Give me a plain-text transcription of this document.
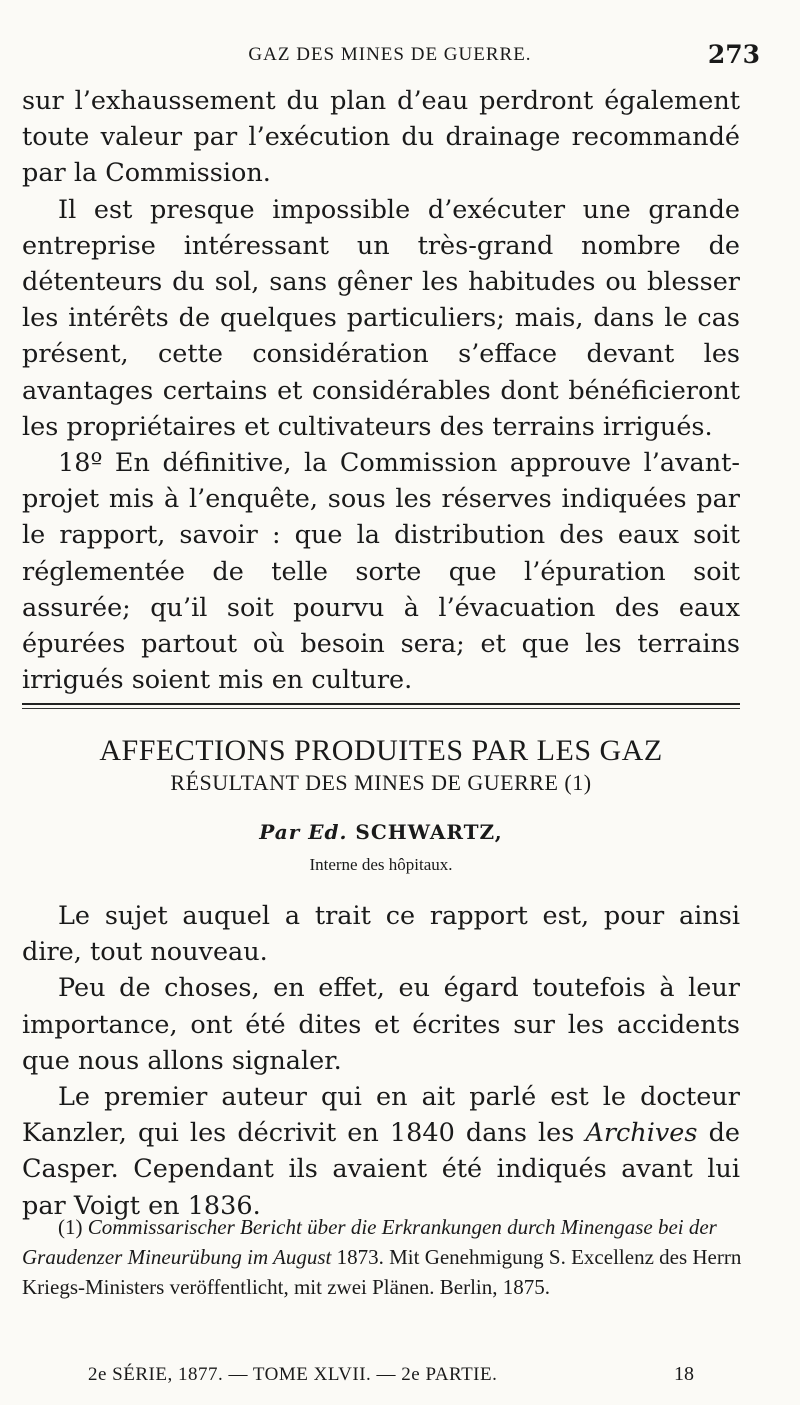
GAZ DES MINES DE GUERRE.	273

sur l’exhaussement du plan d’eau perdront également toute valeur par l’exécution du drainage recommandé par la Commission.

Il est presque impossible d’exécuter une grande entreprise intéressant un très-grand nombre de détenteurs du sol, sans gêner les habitudes ou blesser les intérêts de quelques particuliers; mais, dans le cas présent, cette considération s’efface devant les avantages certains et considérables dont bénéficieront les propriétaires et cultivateurs des terrains irrigués.

18º En définitive, la Commission approuve l’avant-projet mis à l’enquête, sous les réserves indiquées par le rapport, savoir : que la distribution des eaux soit réglementée de telle sorte que l’épuration soit assurée; qu’il soit pourvu à l’évacuation des eaux épurées partout où besoin sera; et que les terrains irrigués soient mis en culture.

AFFECTIONS PRODUITES PAR LES GAZ
RÉSULTANT DES MINES DE GUERRE (1)
Par Ed. SCHWARTZ,
Interne des hôpitaux.

Le sujet auquel a trait ce rapport est, pour ainsi dire, tout nouveau.

Peu de choses, en effet, eu égard toutefois à leur importance, ont été dites et écrites sur les accidents que nous allons signaler.

Le premier auteur qui en ait parlé est le docteur Kanzler, qui les décrivit en 1840 dans les Archives de Casper. Cependant ils avaient été indiqués avant lui par Voigt en 1836.

(1) Commissarischer Bericht über die Erkrankungen durch Minengase bei der Graudenzer Mineurübung im August 1873. Mit Genehmigung S. Excellenz des Herrn Kriegs-Ministers veröffentlicht, mit zwei Plänen. Berlin, 1875.

2e SÉRIE, 1877. — TOME XLVII. — 2e PARTIE.	18
